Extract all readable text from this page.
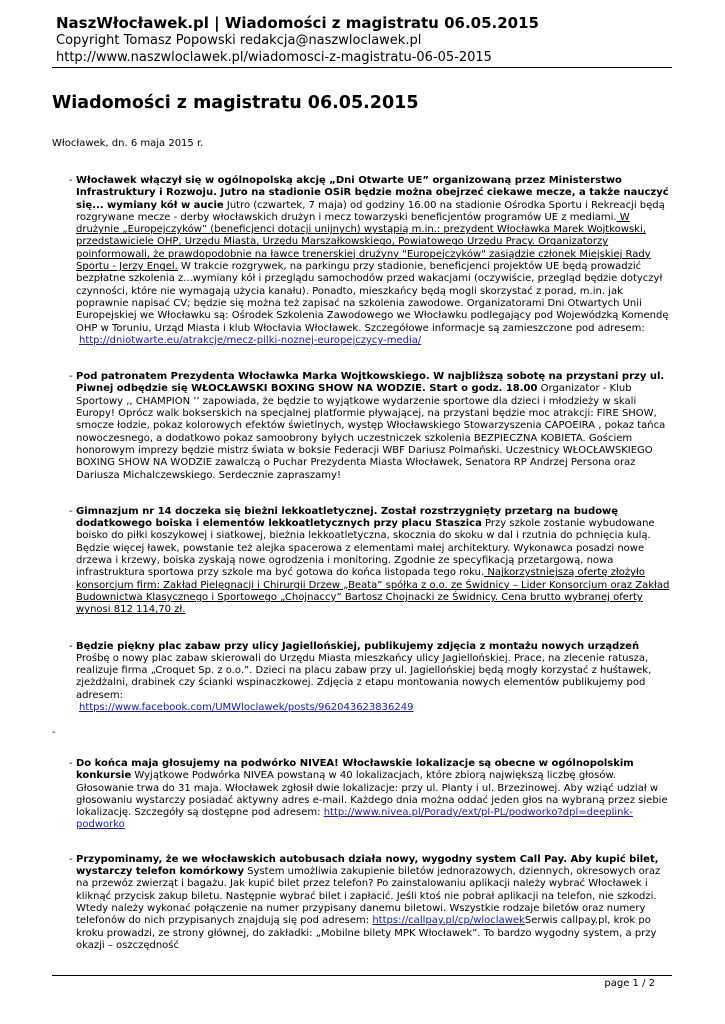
NaszWłocławek.pl | Wiadomości z magistratu 06.05.2015
Copyright Tomasz Popowski redakcja@naszwloclawek.pl
http://www.naszwloclawek.pl/wiadomosci-z-magistratu-06-05-2015
Wiadomości z magistratu 06.05.2015
Włocławek, dn. 6 maja 2015 r.
- Włocławek włączył się w ogólnopolską akcję „Dni Otwarte UE” organizowaną przez Ministerstwo Infrastruktury i Rozwoju. Jutro na stadionie OSiR będzie można obejrzeć ciekawe mecze, a także nauczyć się... wymiany kół w aucie Jutro (czwartek, 7 maja) od godziny 16.00 na stadionie Ośrodka Sportu i Rekreacji będą rozgrywane mecze - derby włocławskich drużyn i mecz towarzyski beneficjentów programów UE z mediami. W drużynie „Europejczyków” (beneficjenci dotacji unijnych) wystąpią m.in.: prezydent Włocławka Marek Wojtkowski, przedstawiciele OHP, Urzędu Miasta, Urzędu Marszałkowskiego, Powiatowego Urzędu Pracy. Organizatorzy poinformowali, że prawdopodobnie na ławce trenerskiej drużyny "Europejczyków" zasiądzie członek Miejskiej Rady Sportu - Jerzy Engel. W trakcie rozgrywek, na parkingu przy stadionie, beneficjenci projektów UE będą prowadzić bezpłatne szkolenia z...wymiany kół i przeglądu samochodów przed wakacjami (oczywiście, przegląd będzie dotyczył czynności, które nie wymagają użycia kanału). Ponadto, mieszkańcy będą mogli skorzystać z porad, m.in. jak poprawnie napisać CV; będzie się można też zapisać na szkolenia zawodowe. Organizatorami Dni Otwartych Unii Europejskiej we Włocławku są: Ośrodek Szkolenia Zawodowego we Włocławku podlegający pod Wojewódzką Komendę OHP w Toruniu, Urząd Miasta i klub Włocłavia Włocławek. Szczegółowe informacje są zamieszczone pod adresem:
http://dniotwarte.eu/atrakcje/mecz-pilki-noznej-europejczycy-media/
- Pod patronatem Prezydenta Włocławka Marka Wojtkowskiego. W najbliższą sobotę na przystani przy ul. Piwnej odbędzie się WŁOCŁAWSKI BOXING SHOW NA WODZIE. Start o godz. 18.00 Organizator - Klub Sportowy ,, CHAMPION ’’ zapowiada, że będzie to wyjątkowe wydarzenie sportowe dla dzieci i młodzieży w skali Europy! Oprócz walk bokserskich na specjalnej platformie pływającej, na przystani będzie moc atrakcji: FIRE SHOW, smocze łodzie, pokaz kolorowych efektów świetlnych, występ Włocławskiego Stowarzyszenia CAPOEIRA , pokaz tańca nowoczesnego, a dodatkowo pokaz samoobrony byłych uczestniczek szkolenia BEZPIECZNA KOBIETA. Gościem honorowym imprezy będzie mistrz świata w boksie Federacji WBF Dariusz Polmański. Uczestnicy WŁOCŁAWSKIEGO BOXING SHOW NA WODZIE zawalczą o Puchar Prezydenta Miasta Włocławek, Senatora RP Andrzej Persona oraz Dariusza Michalczewskiego. Serdecznie zapraszamy!
- Gimnazjum nr 14 doczeka się bieżni lekkoatletycznej. Został rozstrzygnięty przetarg na budowę dodatkowego boiska i elementów lekkoatletycznych przy placu Staszica Przy szkole zostanie wybudowane boisko do piłki koszykowej i siatkowej, bieżnia lekkoatletyczna, skocznia do skoku w dal i rzutnia do pchnięcia kulą. Będzie więcej ławek, powstanie też alejka spacerowa z elementami małej architektury. Wykonawca posadzi nowe drzewa i krzewy, boiska zyskają nowe ogrodzenia i monitoring. Zgodnie ze specyfikacją przetargową, nowa infrastruktura sportowa przy szkole ma być gotowa do końca listopada tego roku. Najkorzystniejszą ofertę złożyło konsorcjum firm: Zakład Pielęgnacji i Chirurgii Drzew „Beata” spółka z o.o. ze Świdnicy – Lider Konsorcjum oraz Zakład Budownictwa Klasycznego i Sportowego „Chojnaccy” Bartosz Chojnacki ze Świdnicy. Cena brutto wybranej oferty wynosi 812 114,70 zł.
- Będzie piękny plac zabaw przy ulicy Jagiellońskiej, publikujemy zdjęcia z montażu nowych urządzeń Prośbę o nowy plac zabaw skierowali do Urzędu Miasta mieszkańcy ulicy Jagiellońskiej. Prace, na zlecenie ratusza, realizuje firma „Croquet Sp. z o.o.”. Dzieci na placu zabaw przy ul. Jagiellońskiej będą mogły korzystać z huśtawek, zjeżdżalni, drabinek czy ścianki wspinaczkowej. Zdjęcia z etapu montowania nowych elementów publikujemy pod adresem:
https://www.facebook.com/UMWloclawek/posts/962043623836249
-
- Do końca maja głosujemy na podwórko NIVEA! Włocławskie lokalizacje są obecne w ogólnopolskim konkursie Wyjątkowe Podwórka NIVEA powstaną w 40 lokalizacjach, które zbiorą największą liczbę głosów. Głosowanie trwa do 31 maja. Włocławek zgłosił dwie lokalizacje: przy ul. Planty i ul. Brzezinowej. Aby wziąć udział w głosowaniu wystarczy posiadać aktywny adres e-mail. Każdego dnia można oddać jeden głos na wybraną przez siebie lokalizację. Szczegóły są dostępne pod adresem: http://www.nivea.pl/Porady/ext/pl-PL/podworko?dpl=deeplink-podworko
- Przypominamy, że we włocławskich autobusach działa nowy, wygodny system Call Pay. Aby kupić bilet, wystarczy telefon komórkowy System umożliwia zakupienie biletów jednorazowych, dziennych, okresowych oraz na przewóz zwierząt i bagażu. Jak kupić bilet przez telefon? Po zainstalowaniu aplikacji należy wybrać Włocławek i kliknąć przycisk zakup biletu. Następnie wybrać bilet i zapłacić. Jeśli ktoś nie pobrał aplikacji na telefon, nie szkodzi. Wtedy należy wykonać połączenie na numer przypisany danemu biletowi. Wszystkie rodzaje biletów oraz numery telefonów do nich przypisanych znajdują się pod adresem: https://callpay.pl/cp/wloclawekSerwis callpay.pl, krok po kroku prowadzi, ze strony głównej, do zakładki: „Mobilne bilety MPK Włocławek”. To bardzo wygodny system, a przy okazji – oszczędność
page 1 / 2
